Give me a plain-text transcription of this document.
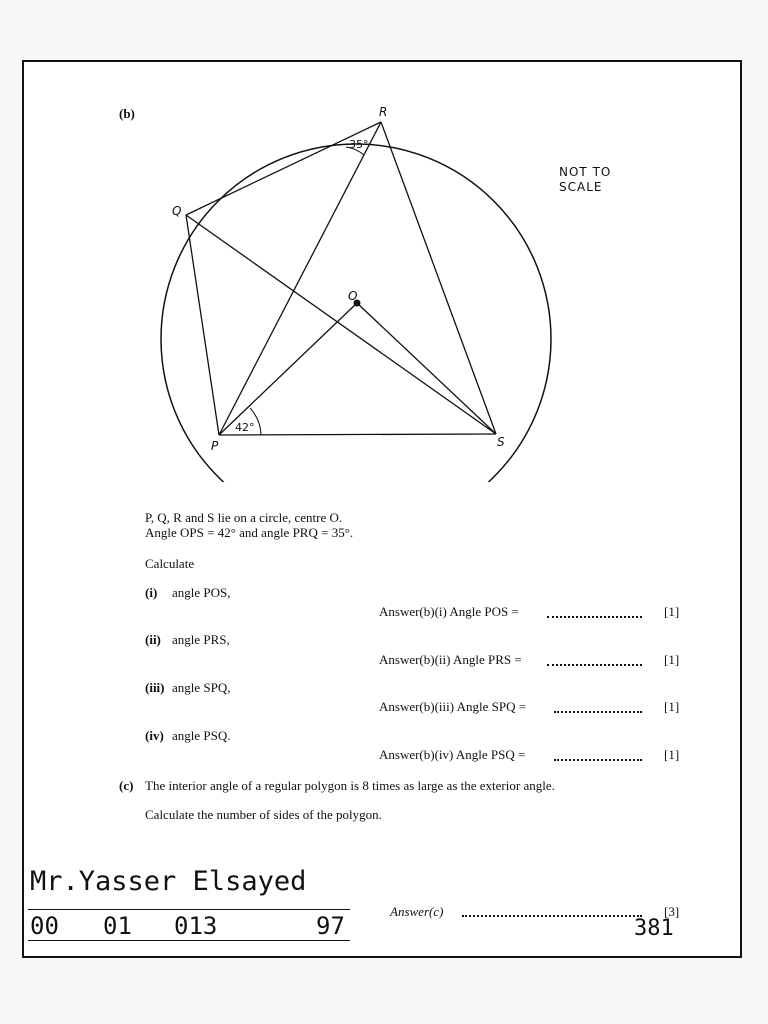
(b)	R
Q
O
P	S
35°
42°
NOT TO
SCALE
P, Q, R and S lie on a circle, centre O.
Angle OPS = 42° and angle PRQ = 35°.
Calculate
(i) angle POS,
Answer(b)(i) Angle POS =	[1]
(ii) angle PRS,
Answer(b)(ii) Angle PRS =	[1]
(iii) angle SPQ,
Answer(b)(iii) Angle SPQ =	[1]
(iv) angle PSQ.
Answer(b)(iv) Angle PSQ =	[1]
(c) The interior angle of a regular polygon is 8 times as large as the exterior angle.
Calculate the number of sides of the polygon.
Answer(c)	[3]
Mr.Yasser Elsayed
00 01 013	97	381
